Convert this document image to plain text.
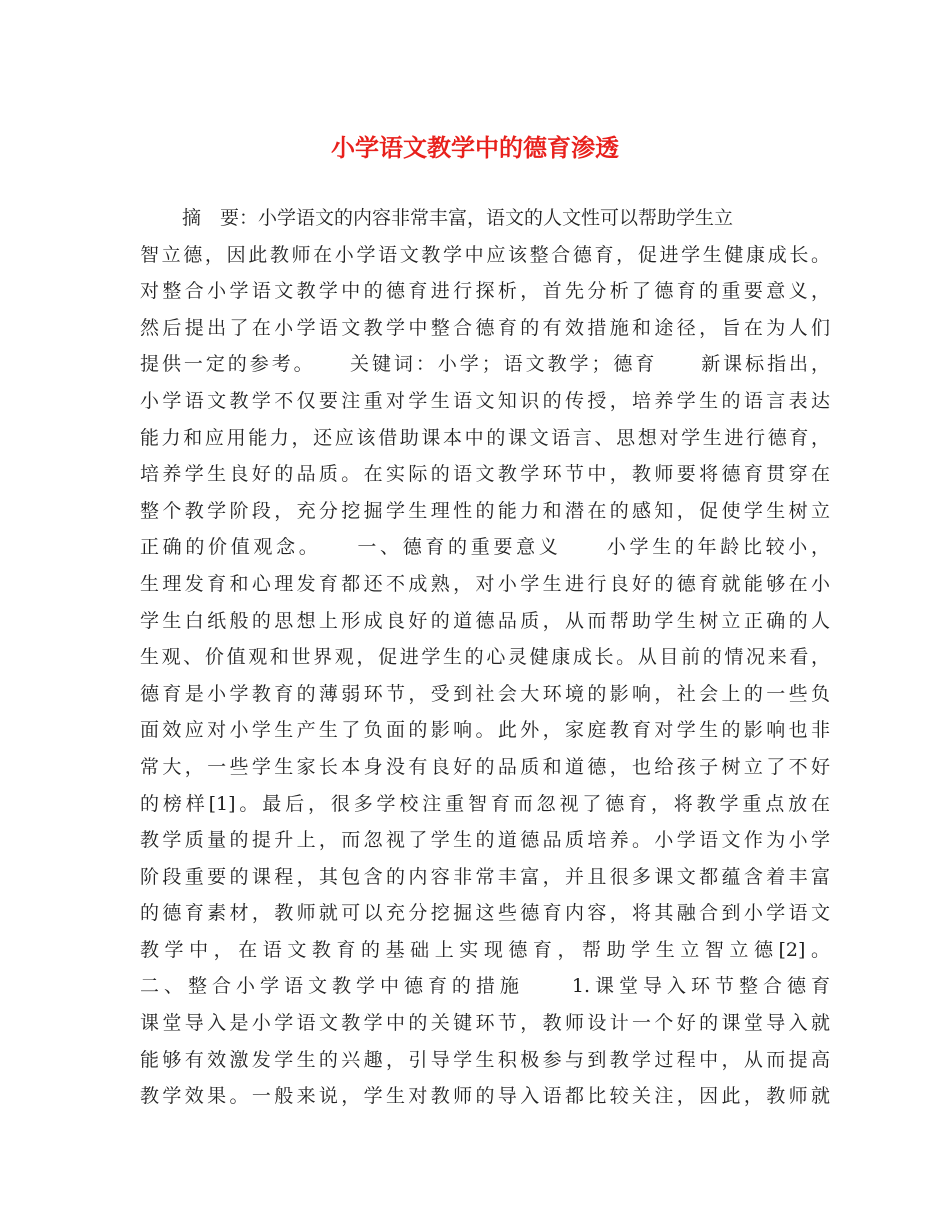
小学语文教学中的德育渗透
摘　要：小学语文的内容非常丰富，语文的人文性可以帮助学生立
智立德，因此教师在小学语文教学中应该整合德育，促进学生健康成长。
对整合小学语文教学中的德育进行探析，首先分析了德育的重要意义，
然后提出了在小学语文教学中整合德育的有效措施和途径，旨在为人们
提供一定的参考。　　关键词：小学；语文教学；德育　　新课标指出，
小学语文教学不仅要注重对学生语文知识的传授，培养学生的语言表达
能力和应用能力，还应该借助课本中的课文语言、思想对学生进行德育，
培养学生良好的品质。在实际的语文教学环节中，教师要将德育贯穿在
整个教学阶段，充分挖掘学生理性的能力和潜在的感知，促使学生树立
正确的价值观念。　　一、德育的重要意义　　小学生的年龄比较小，
生理发育和心理发育都还不成熟，对小学生进行良好的德育就能够在小
学生白纸般的思想上形成良好的道德品质，从而帮助学生树立正确的人
生观、价值观和世界观，促进学生的心灵健康成长。从目前的情况来看，
德育是小学教育的薄弱环节，受到社会大环境的影响，社会上的一些负
面效应对小学生产生了负面的影响。此外，家庭教育对学生的影响也非
常大，一些学生家长本身没有良好的品质和道德，也给孩子树立了不好
的榜样[1]。最后，很多学校注重智育而忽视了德育，将教学重点放在
教学质量的提升上，而忽视了学生的道德品质培养。小学语文作为小学
阶段重要的课程，其包含的内容非常丰富，并且很多课文都蕴含着丰富
的德育素材，教师就可以充分挖掘这些德育内容，将其融合到小学语文
教学中，在语文教育的基础上实现德育，帮助学生立智立德[2]。
二、整合小学语文教学中德育的措施　　1.课堂导入环节整合德育
课堂导入是小学语文教学中的关键环节，教师设计一个好的课堂导入就
能够有效激发学生的兴趣，引导学生积极参与到教学过程中，从而提高
教学效果。一般来说，学生对教师的导入语都比较关注，因此，教师就
